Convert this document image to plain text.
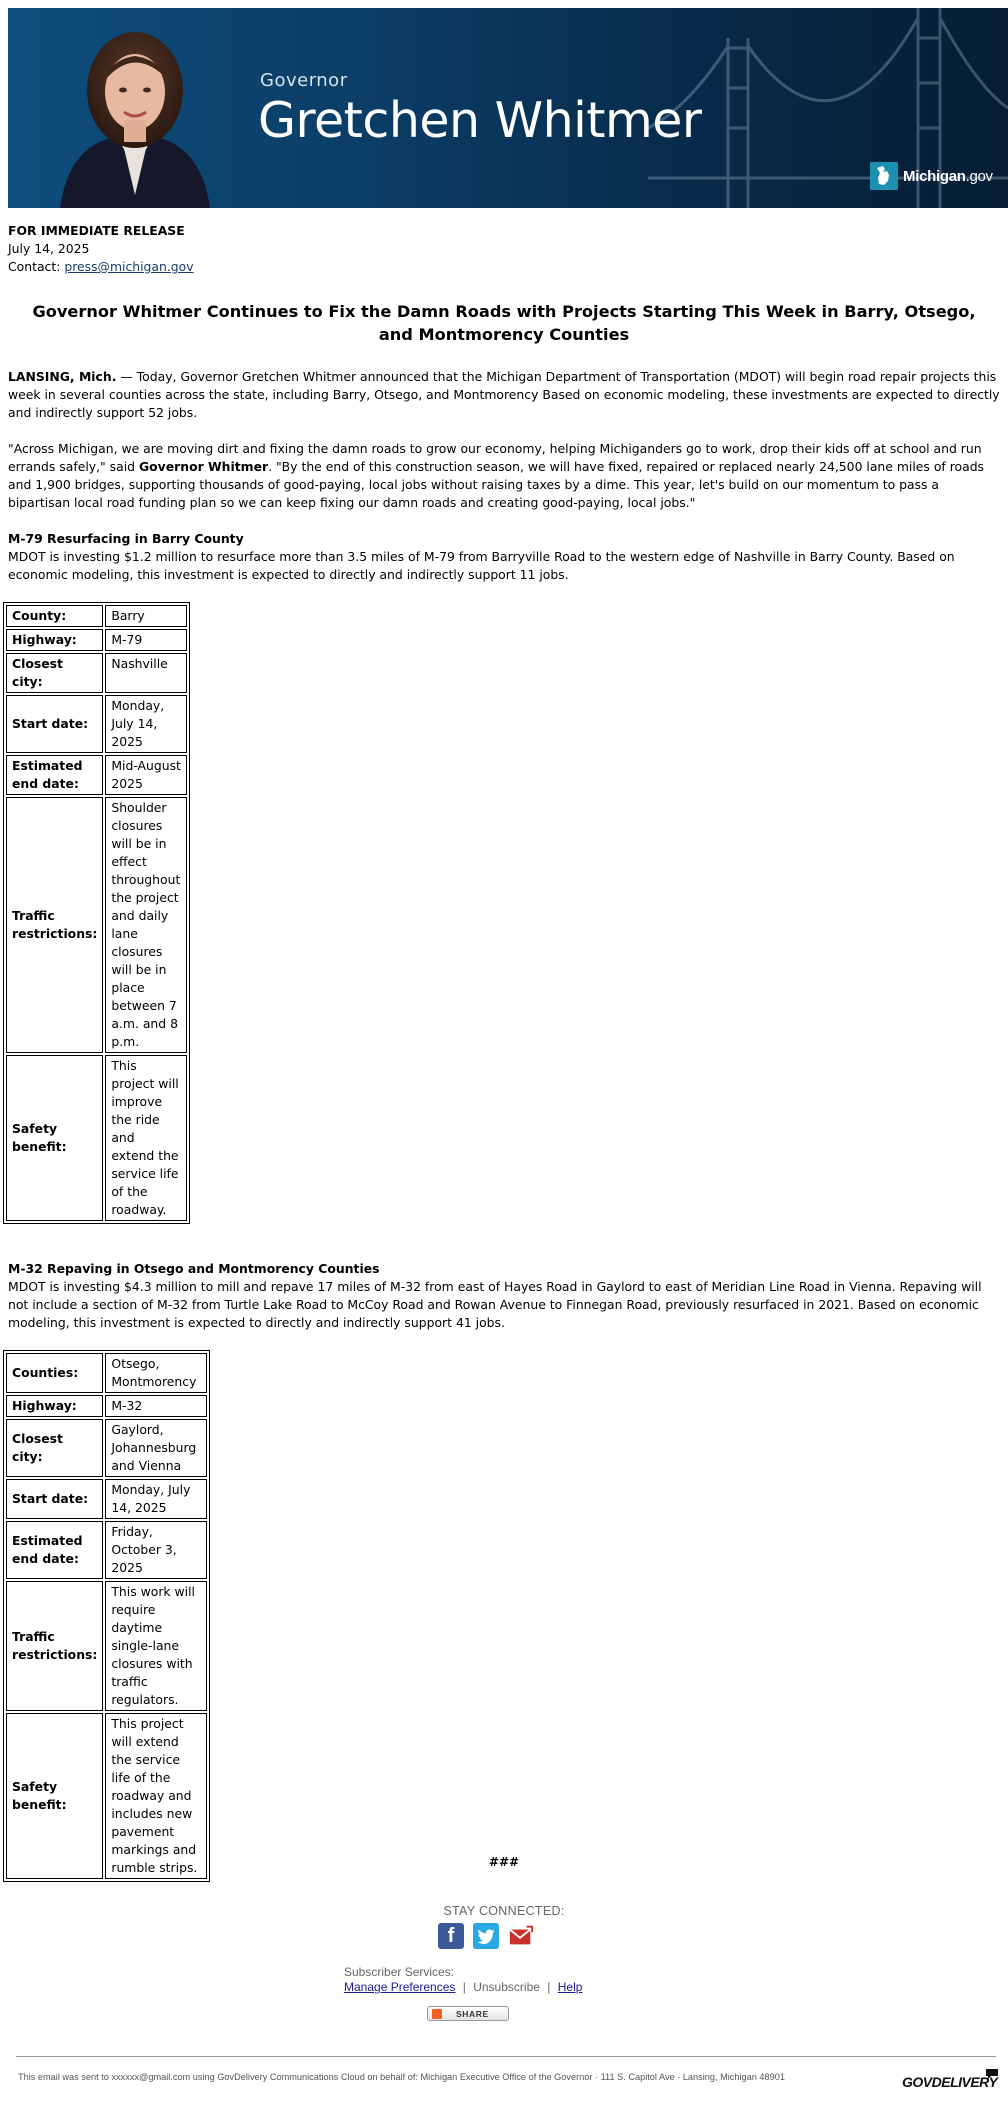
Governor
Gretchen Whitmer
Michigan.gov

FOR IMMEDIATE RELEASE

July 14, 2025

Contact: press@michigan.gov

Governor Whitmer Continues to Fix the Damn Roads with Projects Starting This Week in Barry, Otsego, and Montmorency Counties

LANSING, Mich. — Today, Governor Gretchen Whitmer announced that the Michigan Department of Transportation (MDOT) will begin road repair projects this week in several counties across the state, including Barry, Otsego, and Montmorency Based on economic modeling, these investments are expected to directly and indirectly support 52 jobs.

"Across Michigan, we are moving dirt and fixing the damn roads to grow our economy, helping Michiganders go to work, drop their kids off at school and run errands safely," said Governor Whitmer. "By the end of this construction season, we will have fixed, repaired or replaced nearly 24,500 lane miles of roads and 1,900 bridges, supporting thousands of good-paying, local jobs without raising taxes by a dime. This year, let's build on our momentum to pass a bipartisan local road funding plan so we can keep fixing our damn roads and creating good-paying, local jobs."

M-79 Resurfacing in Barry County

MDOT is investing $1.2 million to resurface more than 3.5 miles of M-79 from Barryville Road to the western edge of Nashville in Barry County. Based on economic modeling, this investment is expected to directly and indirectly support 11 jobs.

County:	Barry
Highway:	M-79
Closest city:	Nashville
Start date:	Monday, July 14, 2025
Estimated end date:	Mid-August 2025
Traffic restrictions:	Shoulder closures will be in effect throughout the project and daily lane closures will be in place between 7 a.m. and 8 p.m.
Safety benefit:	This project will improve the ride and extend the service life of the roadway.

M-32 Repaving in Otsego and Montmorency Counties

MDOT is investing $4.3 million to mill and repave 17 miles of M-32 from east of Hayes Road in Gaylord to east of Meridian Line Road in Vienna. Repaving will not include a section of M-32 from Turtle Lake Road to McCoy Road and Rowan Avenue to Finnegan Road, previously resurfaced in 2021. Based on economic modeling, this investment is expected to directly and indirectly support 41 jobs.

Counties:	Otsego, Montmorency
Highway:	M-32
Closest city:	Gaylord, Johannesburg and Vienna
Start date:	Monday, July 14, 2025
Estimated end date:	Friday, October 3, 2025
Traffic restrictions:	This work will require daytime single-lane closures with traffic regulators.
Safety benefit:	This project will extend the service life of the roadway and includes new pavement markings and rumble strips.	###
STAY CONNECTED:
f
Subscriber Services:
Manage Preferences | Unsubscribe | Help
SHARE
This email was sent to xxxxxx@gmail.com using GovDelivery Communications Cloud on behalf of: Michigan Executive Office of the Governor · 111 S. Capitol Ave · Lansing, Michigan 48901	GOVDELIVERY
